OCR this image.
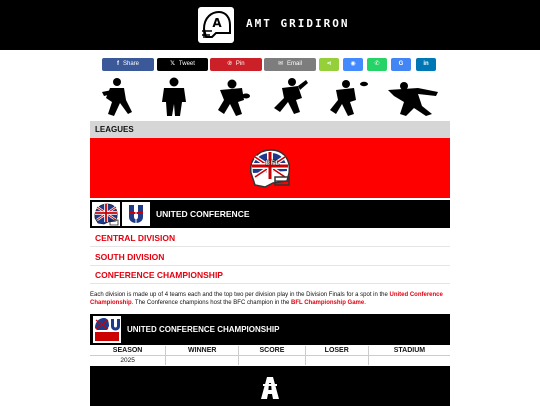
A AMT GRIDIRON
f Share	𝕏 Tweet	℗ Pin	✉ Email	⋖	◉	✆	G	in
LEAGUES
BFL
UNITED CONFERENCE
CENTRAL DIVISION
SOUTH DIVISION
CONFERENCE CHAMPIONSHIP
Each division is made up of 4 teams each and the top two per division play in the Division Finals for a spot in the United Conference Championship. The Conference champions host the BFC champion in the BFL Championship Game.
UNITED CONFERENCE CHAMPIONSHIP
SEASON	WINNER	SCORE	LOSER	STADIUM
2025				
